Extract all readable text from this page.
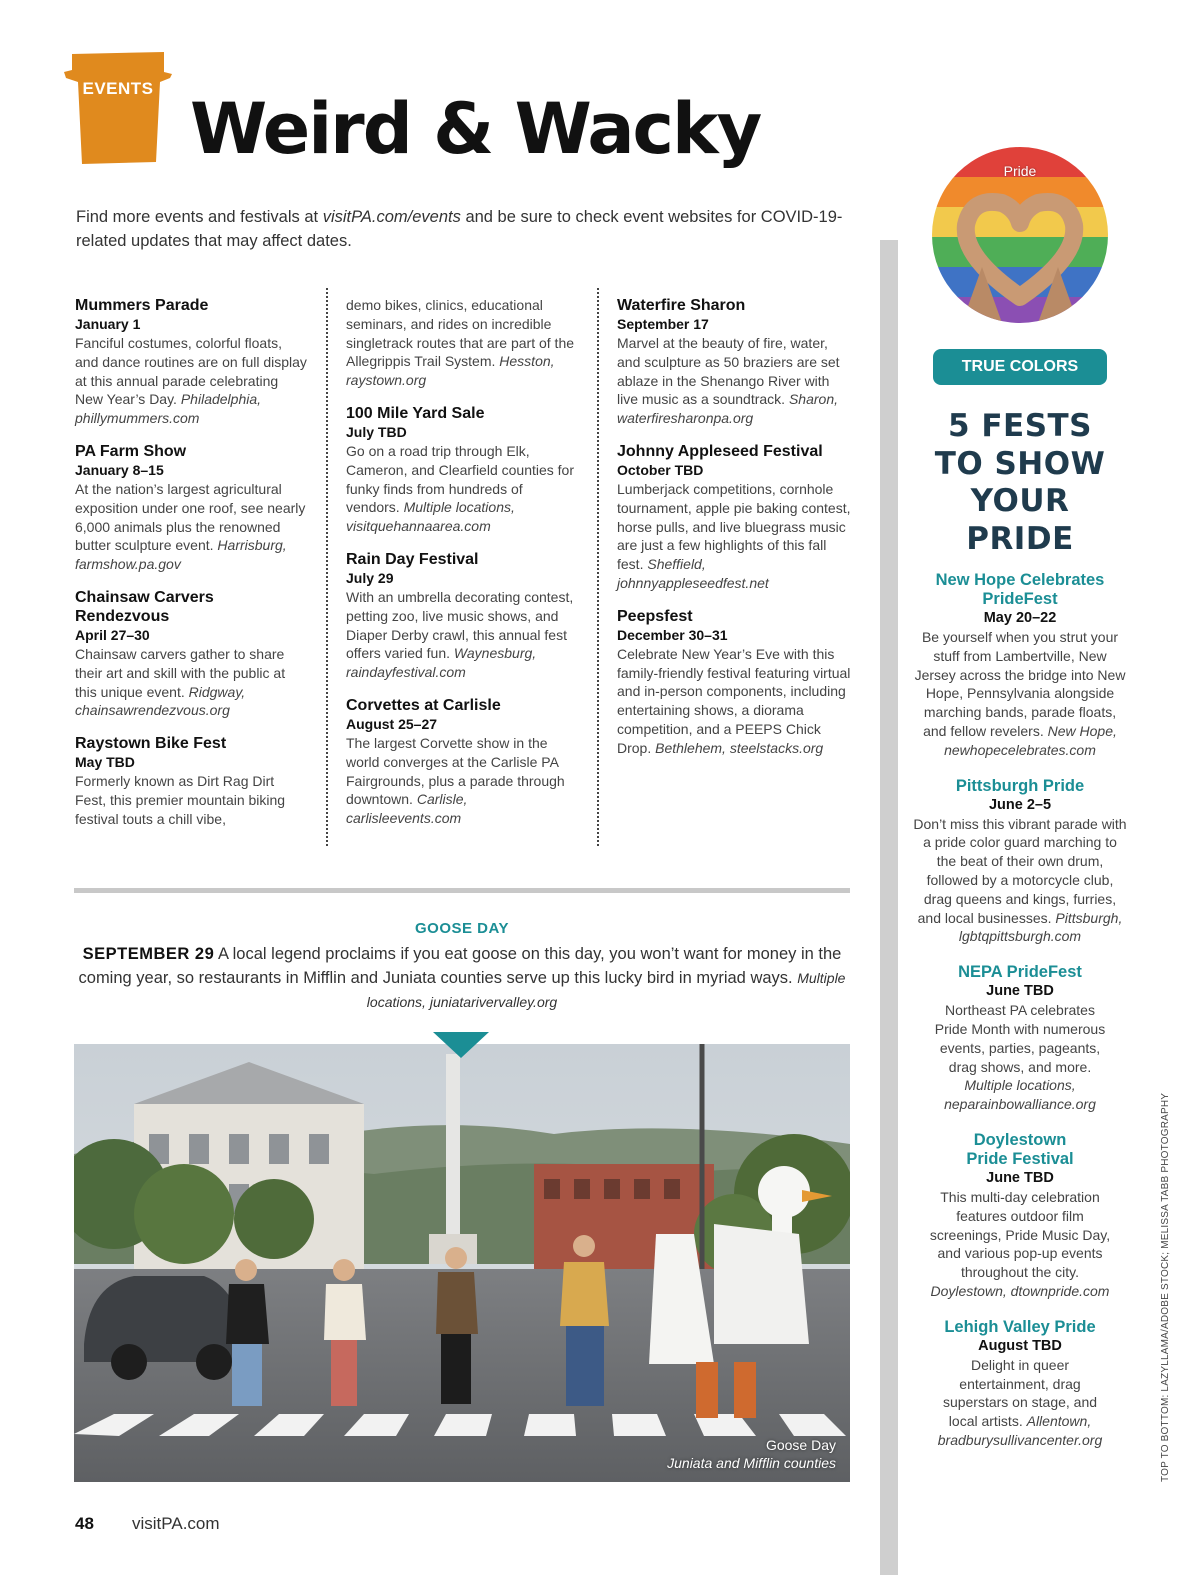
EVENTS Weird & Wacky

Find more events and festivals at visitPA.com/events and be sure to check event websites for COVID-19-related updates that may affect dates.

Mummers Parade
January 1
Fanciful costumes, colorful floats, and dance routines are on full display at this annual parade celebrating New Year’s Day. Philadelphia, phillymummers.com
PA Farm Show
January 8–15
At the nation’s largest agricultural exposition under one roof, see nearly 6,000 animals plus the renowned butter sculpture event. Harrisburg, farmshow.pa.gov
Chainsaw Carvers Rendezvous
April 27–30
Chainsaw carvers gather to share their art and skill with the public at this unique event. Ridgway, chainsawrendezvous.org
Raystown Bike Fest
May TBD
Formerly known as Dirt Rag Dirt Fest, this premier mountain biking festival touts a chill vibe,
demo bikes, clinics, educational seminars, and rides on incredible singletrack routes that are part of the Allegrippis Trail System. Hesston, raystown.org
100 Mile Yard Sale
July TBD
Go on a road trip through Elk, Cameron, and Clearfield counties for funky finds from hundreds of vendors. Multiple locations, visitquehannaarea.com
Rain Day Festival
July 29
With an umbrella decorating contest, petting zoo, live music shows, and Diaper Derby crawl, this annual fest offers varied fun. Waynesburg, raindayfestival.com
Corvettes at Carlisle
August 25–27
The largest Corvette show in the world converges at the Carlisle PA Fairgrounds, plus a parade through downtown. Carlisle, carlisleevents.com
Waterfire Sharon
September 17
Marvel at the beauty of fire, water, and sculpture as 50 braziers are set ablaze in the Shenango River with live music as a soundtrack. Sharon, waterfiresharonpa.org
Johnny Appleseed Festival
October TBD
Lumberjack competitions, cornhole tournament, apple pie baking contest, horse pulls, and live bluegrass music are just a few highlights of this fall fest. Sheffield, johnnyappleseedfest.net
Peepsfest
December 30–31
Celebrate New Year’s Eve with this family-friendly festival featuring virtual and in-person components, including entertaining shows, a diorama competition, and a PEEPS Chick Drop. Bethlehem, steelstacks.org
GOOSE DAY

SEPTEMBER 29 A local legend proclaims if you eat goose on this day, you won’t want for money in the coming year, so restaurants in Mifflin and Juniata counties serve up this lucky bird in myriad ways. Multiple locations, juniatarivervalley.org

Goose Day
Juniata and Mifflin counties
48 visitPA.com
Pride
TRUE COLORS
5 FESTS
TO SHOW
YOUR
PRIDE
New Hope Celebrates PrideFest
May 20–22
Be yourself when you strut your stuff from Lambertville, New Jersey across the bridge into New Hope, Pennsylvania alongside marching bands, parade floats, and fellow revelers. New Hope, newhopecelebrates.com
Pittsburgh Pride
June 2–5
Don’t miss this vibrant parade with a pride color guard marching to the beat of their own drum, followed by a motorcycle club, drag queens and kings, furries, and local businesses. Pittsburgh, lgbtqpittsburgh.com
NEPA PrideFest
June TBD
Northeast PA celebrates Pride Month with numerous events, parties, pageants, drag shows, and more. Multiple locations, neparainbowalliance.org
Doylestown Pride Festival
June TBD
This multi-day celebration features outdoor film screenings, Pride Music Day, and various pop-up events throughout the city. Doylestown, dtownpride.com
Lehigh Valley Pride
August TBD
Delight in queer entertainment, drag superstars on stage, and local artists. Allentown, bradburysullivancenter.org	TOP TO BOTTOM: LAZYLLAMA/ADOBE STOCK; MELISSA TABB PHOTOGRAPHY
